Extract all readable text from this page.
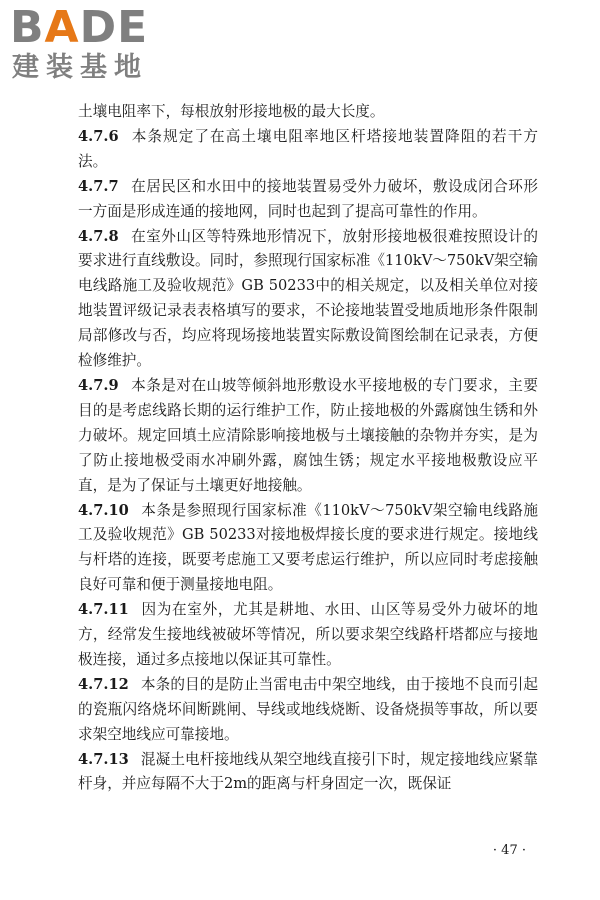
BADE
建装基地

土壤电阻率下，每根放射形接地极的最大长度。

4.7.6 本条规定了在高土壤电阻率地区杆塔接地装置降阻的若干方法。

4.7.7 在居民区和水田中的接地装置易受外力破坏，敷设成闭合环形一方面是形成连通的接地网，同时也起到了提高可靠性的作用。

4.7.8 在室外山区等特殊地形情况下，放射形接地极很难按照设计的要求进行直线敷设。同时，参照现行国家标准《110kV～750kV架空输电线路施工及验收规范》GB 50233中的相关规定，以及相关单位对接地装置评级记录表表格填写的要求，不论接地装置受地质地形条件限制局部修改与否，均应将现场接地装置实际敷设简图绘制在记录表，方便检修维护。

4.7.9 本条是对在山坡等倾斜地形敷设水平接地极的专门要求，主要目的是考虑线路长期的运行维护工作，防止接地极的外露腐蚀生锈和外力破坏。规定回填土应清除影响接地极与土壤接触的杂物并夯实，是为了防止接地极受雨水冲刷外露，腐蚀生锈；规定水平接地极敷设应平直，是为了保证与土壤更好地接触。

4.7.10 本条是参照现行国家标准《110kV～750kV架空输电线路施工及验收规范》GB 50233对接地极焊接长度的要求进行规定。接地线与杆塔的连接，既要考虑施工又要考虑运行维护，所以应同时考虑接触良好可靠和便于测量接地电阻。

4.7.11 因为在室外，尤其是耕地、水田、山区等易受外力破坏的地方，经常发生接地线被破坏等情况，所以要求架空线路杆塔都应与接地极连接，通过多点接地以保证其可靠性。

4.7.12 本条的目的是防止当雷电击中架空地线，由于接地不良而引起的瓷瓶闪络烧坏间断跳闸、导线或地线烧断、设备烧损等事故，所以要求架空地线应可靠接地。

4.7.13 混凝土电杆接地线从架空地线直接引下时，规定接地线应紧靠杆身，并应每隔不大于2m的距离与杆身固定一次，既保证

· 47 ·
